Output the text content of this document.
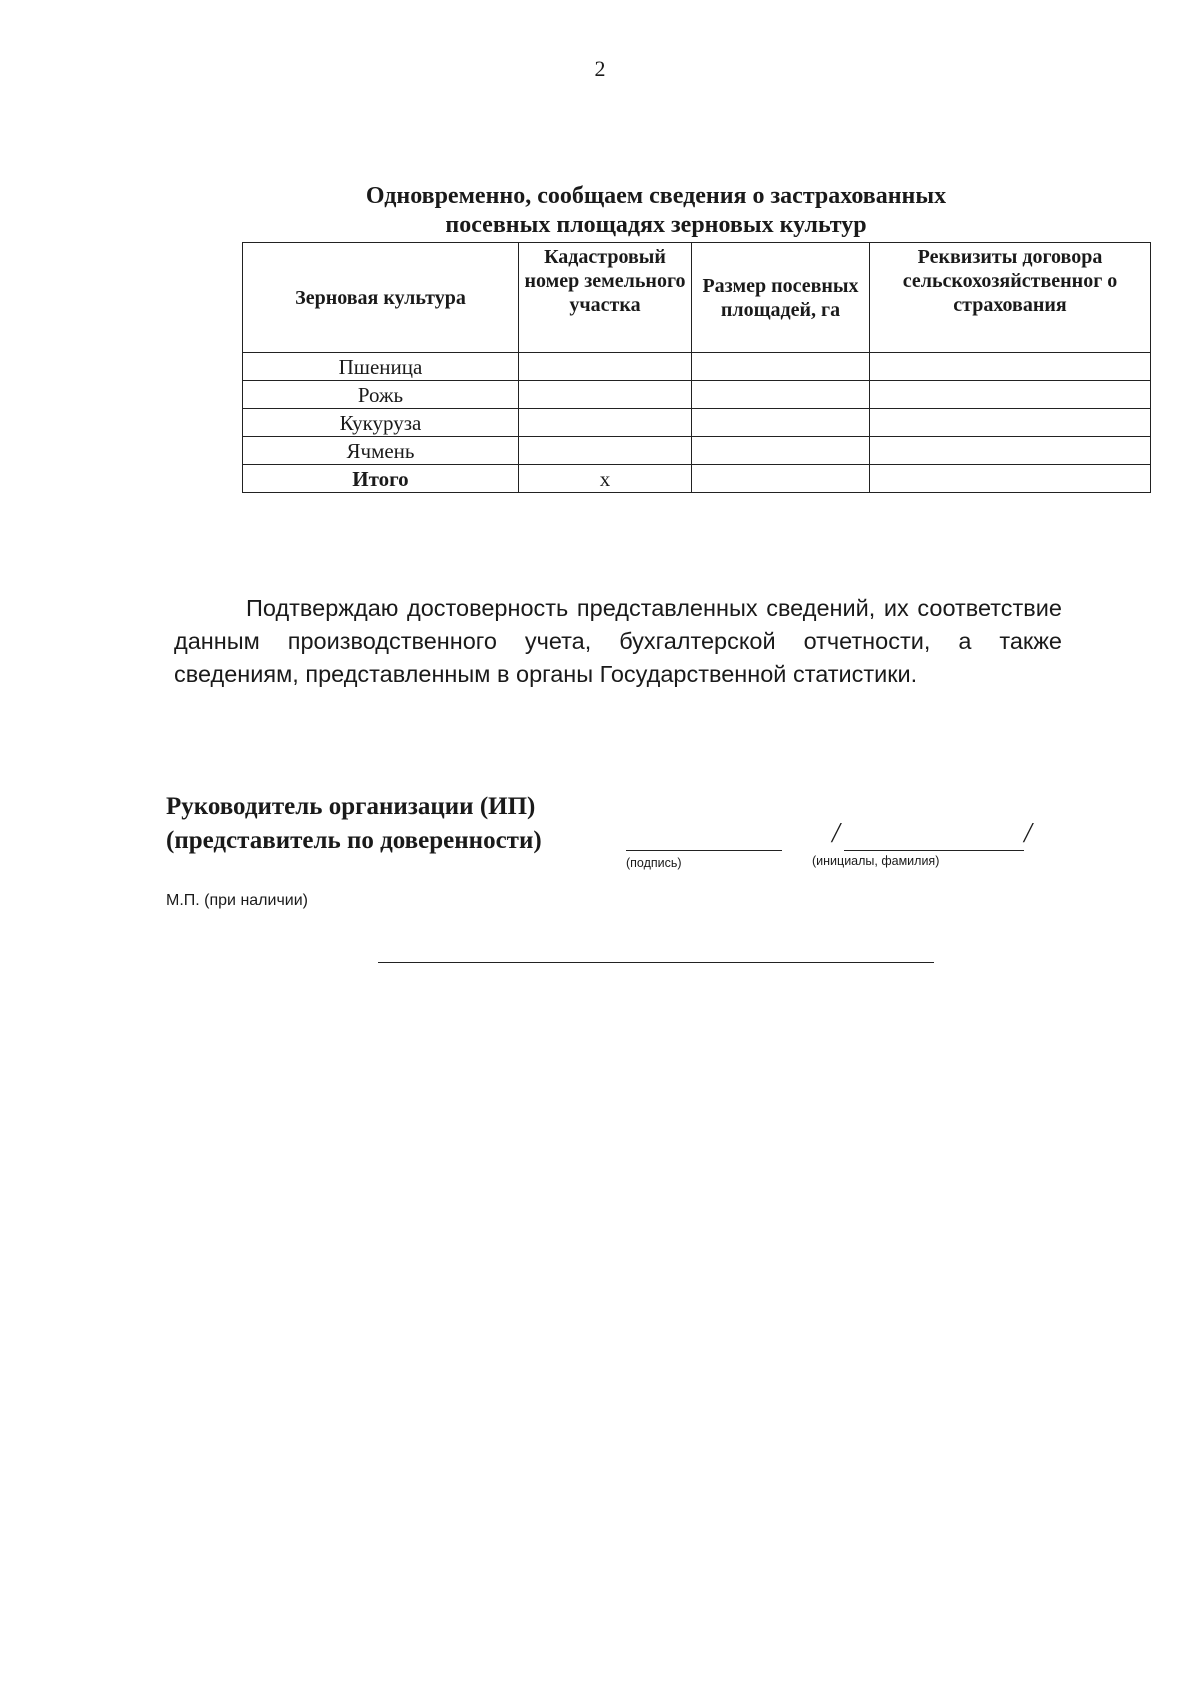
2
Одновременно, сообщаем сведения о застрахованных
посевных площадях зерновых культур
Зерновая культура	Кадастровый номер земельного участка	Размер посевных площадей, га	Реквизиты договора сельскохозяйственног о страхования
Пшеница			
Рожь			
Кукуруза			
Ячмень			
Итого	х		
Подтверждаю достоверность представленных сведений, их соответствие данным производственного учета, бухгалтерской отчетности, а также сведениям, представленным в органы Государственной статистики.
Руководитель организации (ИП)
(представитель по доверенности)
(подпись)
/	/
(инициалы, фамилия)
М.П. (при наличии)
